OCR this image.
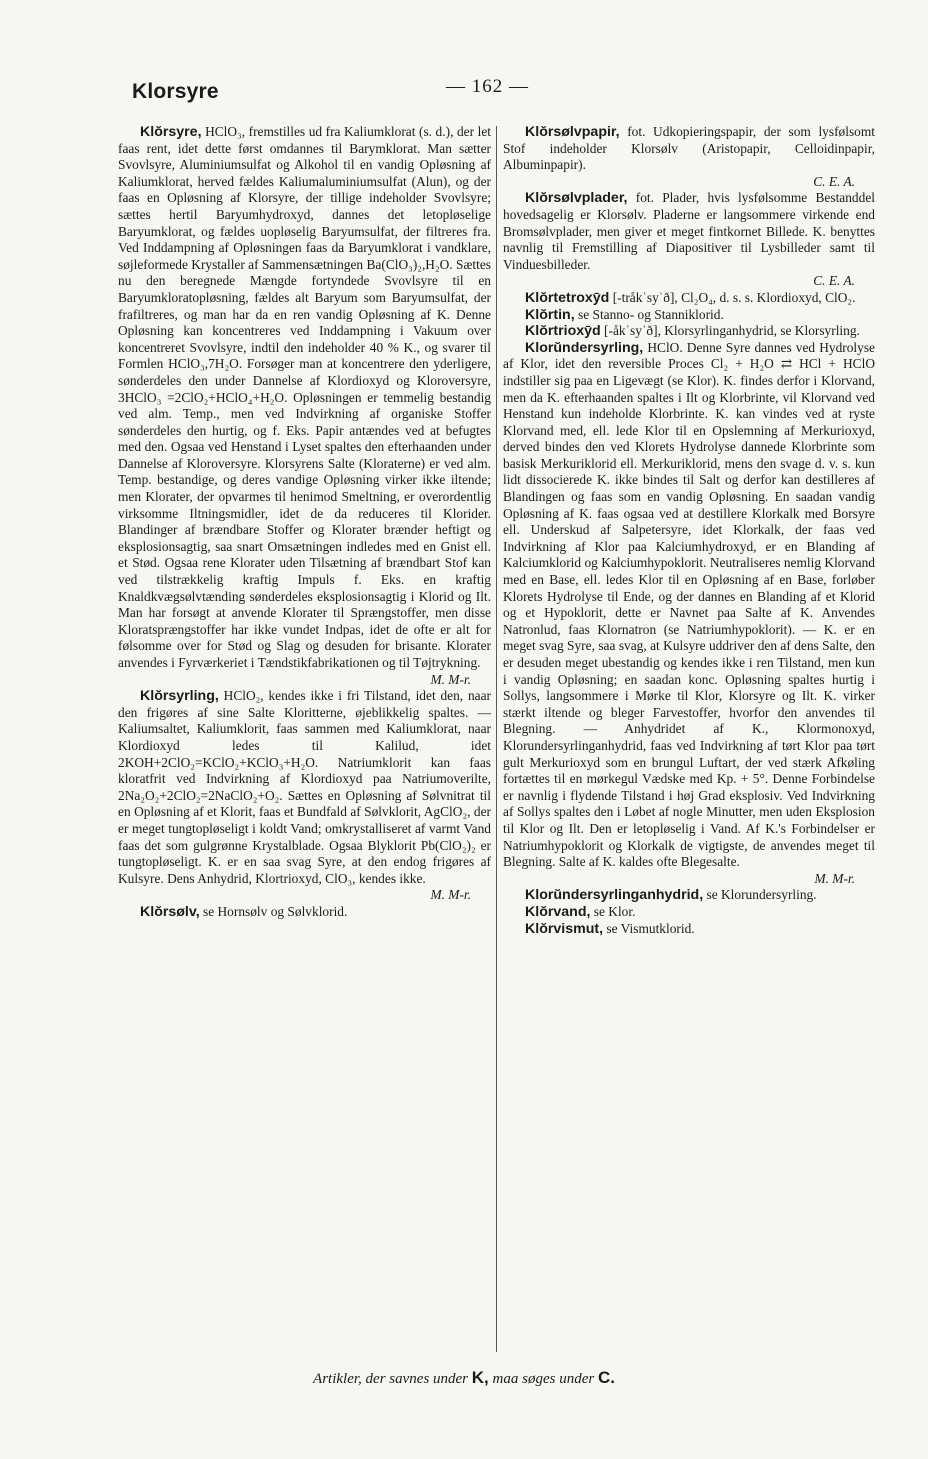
Klorsyre	— 162 —

Klŏrsyre, HClO₃, fremstilles ud fra Kaliumklorat (s. d.), der let faas rent, idet dette først omdannes til Barymklorat. Man sætter Svovlsyre, Aluminiumsulfat og Alkohol til en vandig Opløsning af Kaliumklorat, herved fældes Kaliumaluminiumsulfat (Alun), og der faas en Opløsning af Klorsyre, der tillige indeholder Svovlsyre; sættes hertil Baryumhydroxyd, dannes det letopløselige Baryumklorat, og fældes uopløselig Baryumsulfat, der filtreres fra. Ved Inddampning af Opløsningen faas da Baryumklorat i vandklare, søjleformede Krystaller af Sammensætningen Ba(ClO₃)₂,H₂O. Sættes nu den beregnede Mængde fortyndede Svovlsyre til en Baryumkloratopløsning, fældes alt Baryum som Baryumsulfat, der frafiltreres, og man har da en ren vandig Opløsning af K. Denne Opløsning kan koncentreres ved Inddampning i Vakuum over koncentreret Svovlsyre, indtil den indeholder 40 % K., og svarer til Formlen HClO₃,7H₂O. Forsøger man at koncentrere den yderligere, sønderdeles den under Dannelse af Klordioxyd og Kloroversyre, 3HClO₃ =2ClO₂+HClO₄+H₂O. Opløsningen er temmelig bestandig ved alm. Temp., men ved Indvirkning af organiske Stoffer sønderdeles den hurtig, og f. Eks. Papir antændes ved at befugtes med den. Ogsaa ved Henstand i Lyset spaltes den efterhaanden under Dannelse af Kloroversyre. Klorsyrens Salte (Kloraterne) er ved alm. Temp. bestandige, og deres vandige Opløsning virker ikke iltende; men Klorater, der opvarmes til henimod Smeltning, er overordentlig virksomme Iltningsmidler, idet de da reduceres til Klorider. Blandinger af brændbare Stoffer og Klorater brænder heftigt og eksplosionsagtig, saa snart Omsætningen indledes med en Gnist ell. et Stød. Ogsaa rene Klorater uden Tilsætning af brændbart Stof kan ved tilstrækkelig kraftig Impuls f. Eks. en kraftig Knaldkvægsølvtænding sønderdeles eksplosionsagtig i Klorid og Ilt. Man har forsøgt at anvende Klorater til Sprængstoffer, men disse Kloratsprængstoffer har ikke vundet Indpas, idet de ofte er alt for følsomme over for Stød og Slag og desuden for brisante. Klorater anvendes i Fyrværkeriet i Tændstikfabrikationen og til Tøjtrykning.

M. M-r.

Klŏrsyrling, HClO₂, kendes ikke i fri Tilstand, idet den, naar den frigøres af sine Salte Kloritterne, øjeblikkelig spaltes. — Kaliumsaltet, Kaliumklorit, faas sammen med Kaliumklorat, naar Klordioxyd ledes til Kalilud, idet 2KOH+2ClO₂=KClO₂+KClO₃+H₂O. Natriumklorit kan faas kloratfrit ved Indvirkning af Klordioxyd paa Natriumoverilte, 2Na₂O₂+2ClO₂=2NaClO₂+O₂. Sættes en Opløsning af Sølvnitrat til en Opløsning af et Klorit, faas et Bundfald af Sølvklorit, AgClO₂, der er meget tungtopløseligt i koldt Vand; omkrystalliseret af varmt Vand faas det som gulgrønne Krystalblade. Ogsaa Blyklorit Pb(ClO₂)₂ er tungtopløseligt. K. er en saa svag Syre, at den endog frigøres af Kulsyre. Dens Anhydrid, Klortrioxyd, ClO₃, kendes ikke.

M. M-r.

Klŏrsølv, se Hornsølv og Sølvklorid.

Klŏrsølvpapir, fot. Udkopieringspapir, der som lysfølsomt Stof indeholder Klorsølv (Aristopapir, Celloidinpapir, Albuminpapir).

C. E. A.

Klŏrsølvplader, fot. Plader, hvis lysfølsomme Bestanddel hovedsagelig er Klorsølv. Pladerne er langsommere virkende end Bromsølvplader, men giver et meget fintkornet Billede. K. benyttes navnlig til Fremstilling af Diapositiver til Lysbilleder samt til Vinduesbilleder.

C. E. A.

Klŏrtetroxȳd [-tråkˈsyˈð], Cl₂O₄, d. s. s. Klordioxyd, ClO₂.

Klŏrtin, se Stanno- og Stanniklorid.

Klŏrtrioxȳd [-åkˈsyˈð], Klorsyrlinganhydrid, se Klorsyrling.

Klorŭndersyrling, HClO. Denne Syre dannes ved Hydrolyse af Klor, idet den reversible Proces Cl₂ + H₂O ⇄ HCl + HClO indstiller sig paa en Ligevægt (se Klor). K. findes derfor i Klorvand, men da K. efterhaanden spaltes i Ilt og Klorbrinte, vil Klorvand ved Henstand kun indeholde Klorbrinte. K. kan vindes ved at ryste Klorvand med, ell. lede Klor til en Opslemning af Merkurioxyd, derved bindes den ved Klorets Hydrolyse dannede Klorbrinte som basisk Merkuriklorid ell. Merkuriklorid, mens den svage d. v. s. kun lidt dissocierede K. ikke bindes til Salt og derfor kan destilleres af Blandingen og faas som en vandig Opløsning. En saadan vandig Opløsning af K. faas ogsaa ved at destillere Klorkalk med Borsyre ell. Underskud af Salpetersyre, idet Klorkalk, der faas ved Indvirkning af Klor paa Kalciumhydroxyd, er en Blanding af Kalciumklorid og Kalciumhypoklorit. Neutraliseres nemlig Klorvand med en Base, ell. ledes Klor til en Opløsning af en Base, forløber Klorets Hydrolyse til Ende, og der dannes en Blanding af et Klorid og et Hypoklorit, dette er Navnet paa Salte af K. Anvendes Natronlud, faas Klornatron (se Natriumhypoklorit). — K. er en meget svag Syre, saa svag, at Kulsyre uddriver den af dens Salte, den er desuden meget ubestandig og kendes ikke i ren Tilstand, men kun i vandig Opløsning; en saadan konc. Opløsning spaltes hurtig i Sollys, langsommere i Mørke til Klor, Klorsyre og Ilt. K. virker stærkt iltende og bleger Farvestoffer, hvorfor den anvendes til Blegning. — Anhydridet af K., Klormonoxyd, Klorundersyrlinganhydrid, faas ved Indvirkning af tørt Klor paa tørt gult Merkurioxyd som en brungul Luftart, der ved stærk Afkøling fortættes til en mørkegul Vædske med Kp. + 5°. Denne Forbindelse er navnlig i flydende Tilstand i høj Grad eksplosiv. Ved Indvirkning af Sollys spaltes den i Løbet af nogle Minutter, men uden Eksplosion til Klor og Ilt. Den er letopløselig i Vand. Af K.'s Forbindelser er Natriumhypoklorit og Klorkalk de vigtigste, de anvendes meget til Blegning. Salte af K. kaldes ofte Blegesalte.

M. M-r.

Klorŭndersyrlinganhydrid, se Klorundersyrling.

Klŏrvand, se Klor.

Klŏrvismut, se Vismutklorid.

Artikler, der savnes under K, maa søges under C.
